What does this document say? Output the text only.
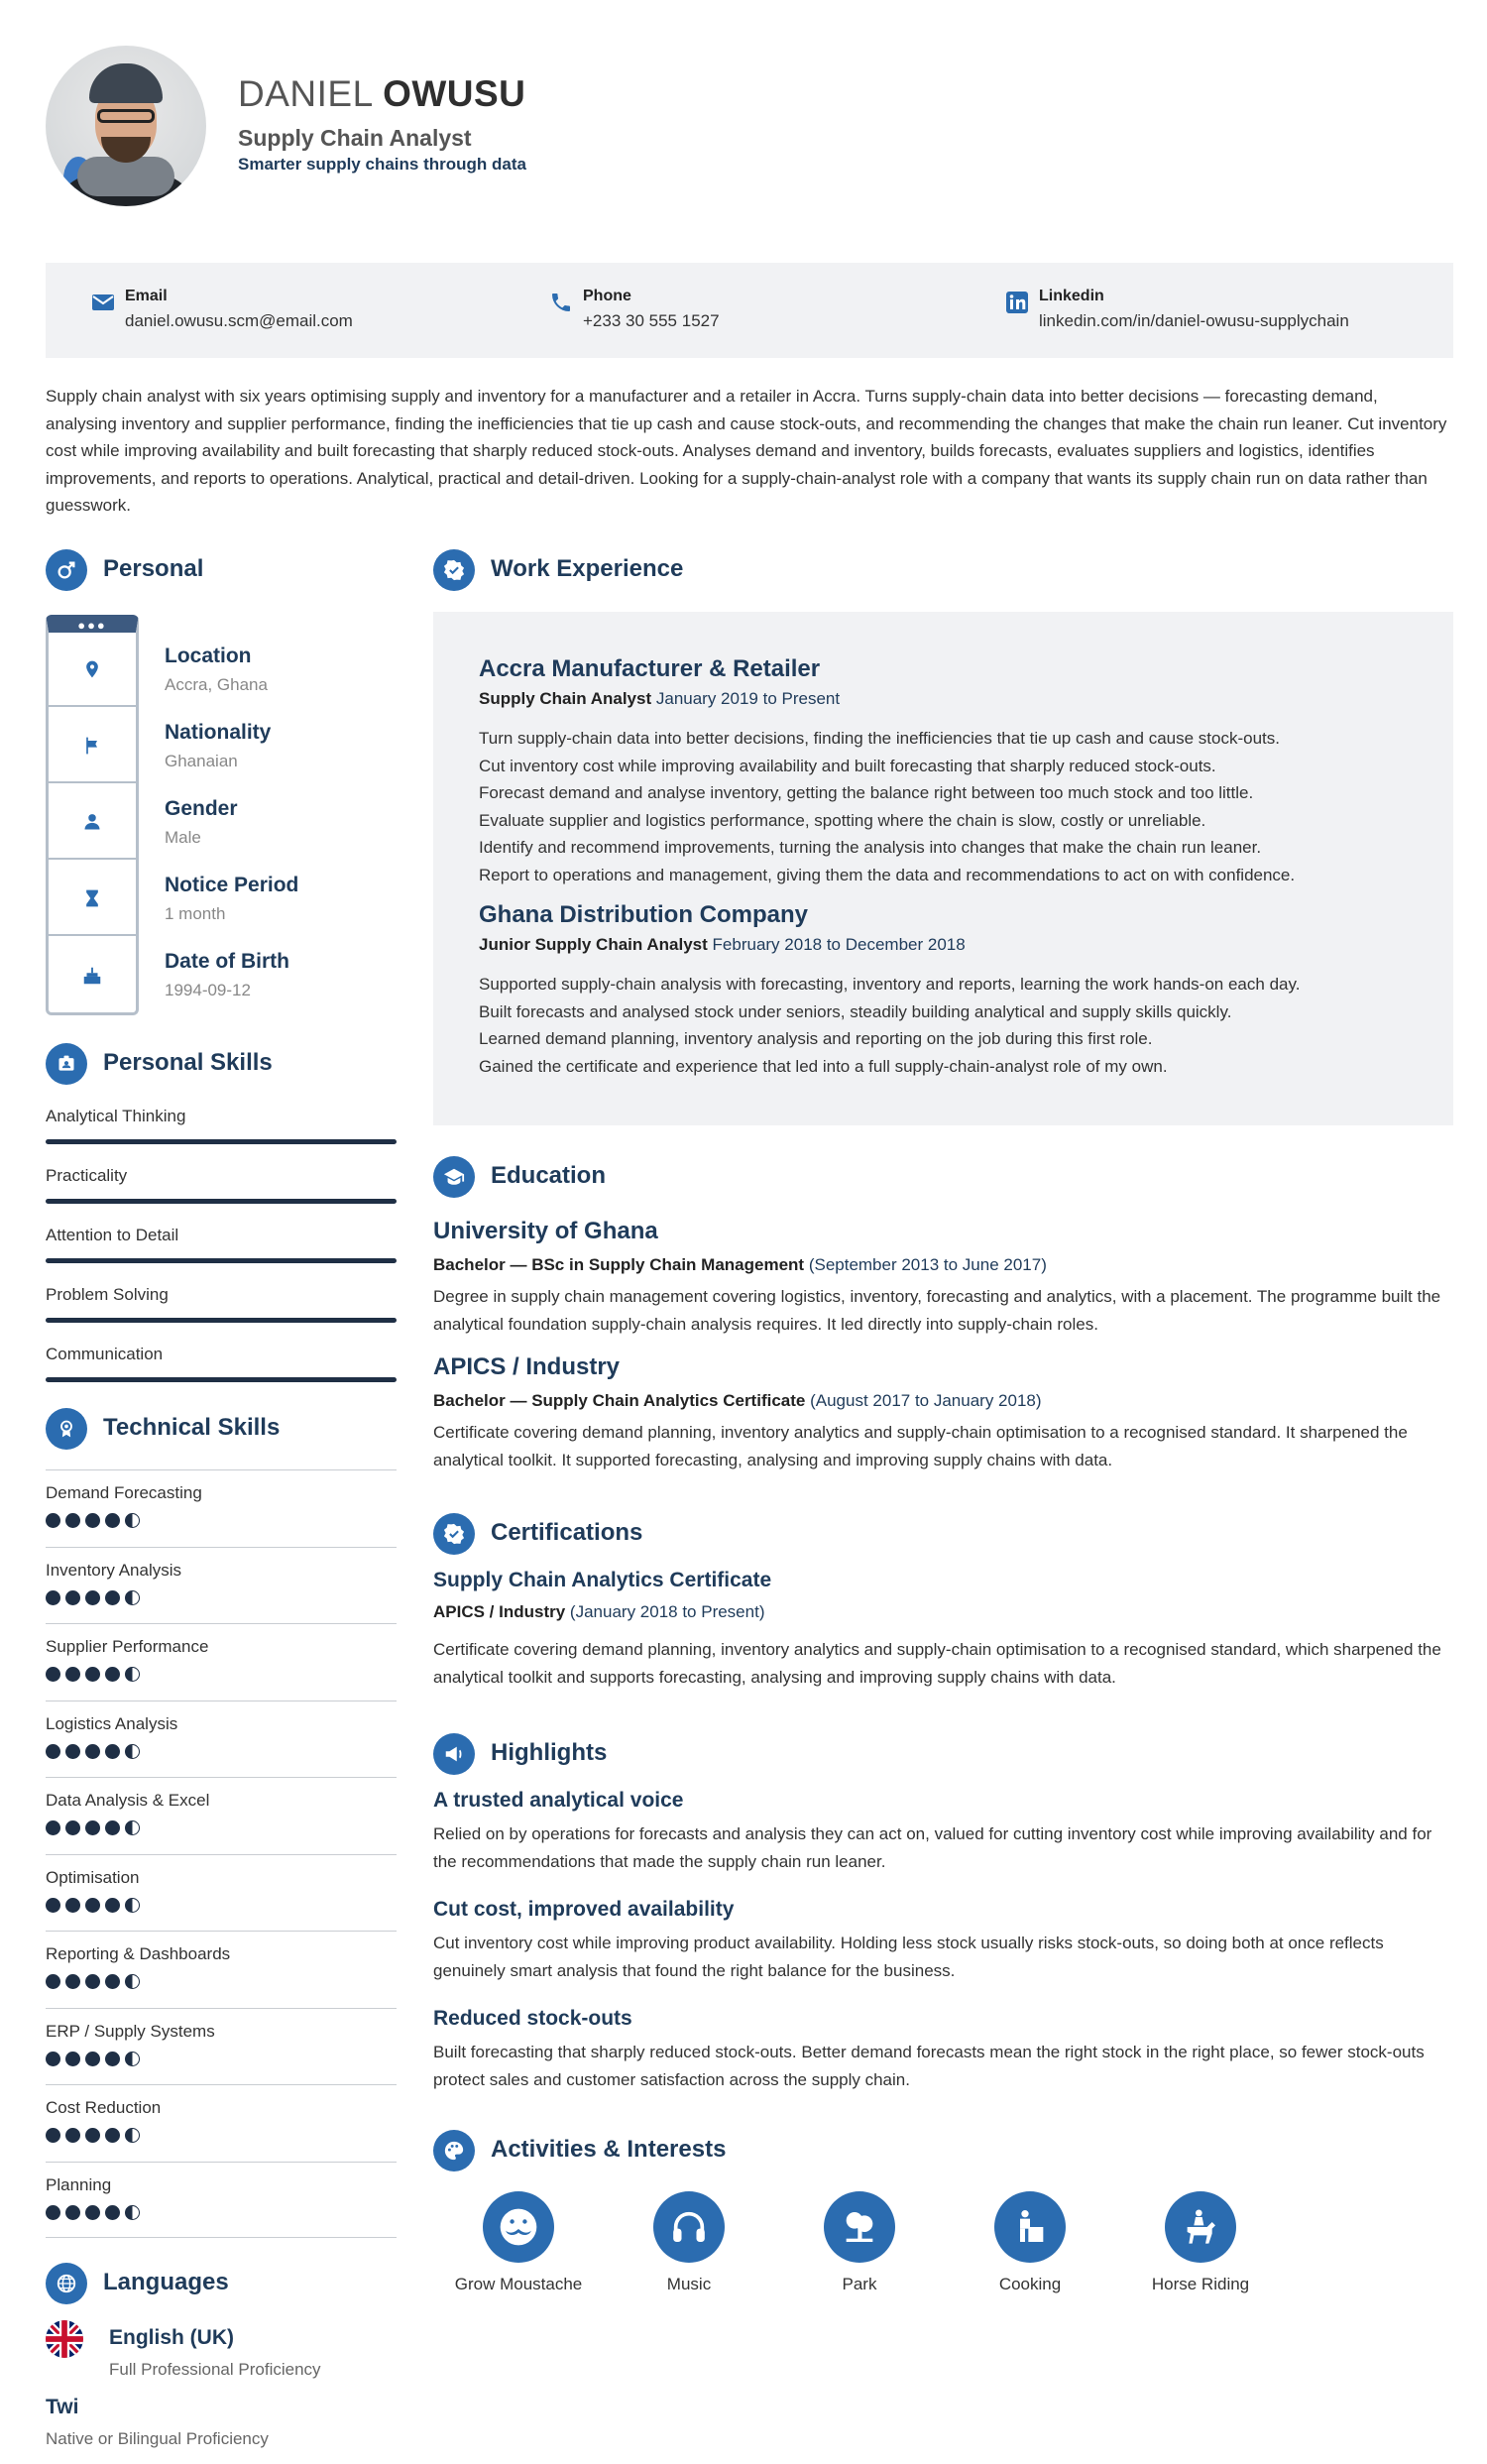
DANIEL OWUSU
Supply Chain Analyst
Smarter supply chains through data
Email
daniel.owusu.scm@email.com
Phone
+233 30 555 1527
Linkedin
linkedin.com/in/daniel-owusu-supplychain
Supply chain analyst with six years optimising supply and inventory for a manufacturer and a retailer in Accra. Turns supply-chain data into better decisions — forecasting demand, analysing inventory and supplier performance, finding the inefficiencies that tie up cash and cause stock-outs, and recommending the changes that make the chain run leaner. Cut inventory cost while improving availability and built forecasting that sharply reduced stock-outs. Analyses demand and inventory, builds forecasts, evaluates suppliers and logistics, identifies improvements, and reports to operations. Analytical, practical and detail-driven. Looking for a supply-chain-analyst role with a company that wants its supply chain run on data rather than guesswork.
Personal
●●●
Location
Accra, Ghana
Nationality
Ghanaian
Gender
Male
Notice Period
1 month
Date of Birth
1994-09-12
Personal Skills
Analytical Thinking
Practicality
Attention to Detail
Problem Solving
Communication
Technical Skills
Demand Forecasting
Inventory Analysis
Supplier Performance
Logistics Analysis
Data Analysis & Excel
Optimisation
Reporting & Dashboards
ERP / Supply Systems
Cost Reduction
Planning
Languages
English (UK)
Full Professional Proficiency
Twi
Native or Bilingual Proficiency
Work Experience
Accra Manufacturer & Retailer
Supply Chain Analyst January 2019 to Present
Turn supply-chain data into better decisions, finding the inefficiencies that tie up cash and cause stock-outs.
Cut inventory cost while improving availability and built forecasting that sharply reduced stock-outs.
Forecast demand and analyse inventory, getting the balance right between too much stock and too little.
Evaluate supplier and logistics performance, spotting where the chain is slow, costly or unreliable.
Identify and recommend improvements, turning the analysis into changes that make the chain run leaner.
Report to operations and management, giving them the data and recommendations to act on with confidence.
Ghana Distribution Company
Junior Supply Chain Analyst February 2018 to December 2018
Supported supply-chain analysis with forecasting, inventory and reports, learning the work hands-on each day.
Built forecasts and analysed stock under seniors, steadily building analytical and supply skills quickly.
Learned demand planning, inventory analysis and reporting on the job during this first role.
Gained the certificate and experience that led into a full supply-chain-analyst role of my own.
Education
University of Ghana
Bachelor — BSc in Supply Chain Management (September 2013 to June 2017)
Degree in supply chain management covering logistics, inventory, forecasting and analytics, with a placement. The programme built the analytical foundation supply-chain analysis requires. It led directly into supply-chain roles.
APICS / Industry
Bachelor — Supply Chain Analytics Certificate (August 2017 to January 2018)
Certificate covering demand planning, inventory analytics and supply-chain optimisation to a recognised standard. It sharpened the analytical toolkit. It supported forecasting, analysing and improving supply chains with data.
Certifications
Supply Chain Analytics Certificate
APICS / Industry (January 2018 to Present)
Certificate covering demand planning, inventory analytics and supply-chain optimisation to a recognised standard, which sharpened the analytical toolkit and supports forecasting, analysing and improving supply chains with data.
Highlights
A trusted analytical voice
Relied on by operations for forecasts and analysis they can act on, valued for cutting inventory cost while improving availability and for the recommendations that made the supply chain run leaner.
Cut cost, improved availability
Cut inventory cost while improving product availability. Holding less stock usually risks stock-outs, so doing both at once reflects genuinely smart analysis that found the right balance for the business.
Reduced stock-outs
Built forecasting that sharply reduced stock-outs. Better demand forecasts mean the right stock in the right place, so fewer stock-outs protect sales and customer satisfaction across the supply chain.
Activities & Interests
Grow Moustache	Music	Park	Cooking	Horse Riding
